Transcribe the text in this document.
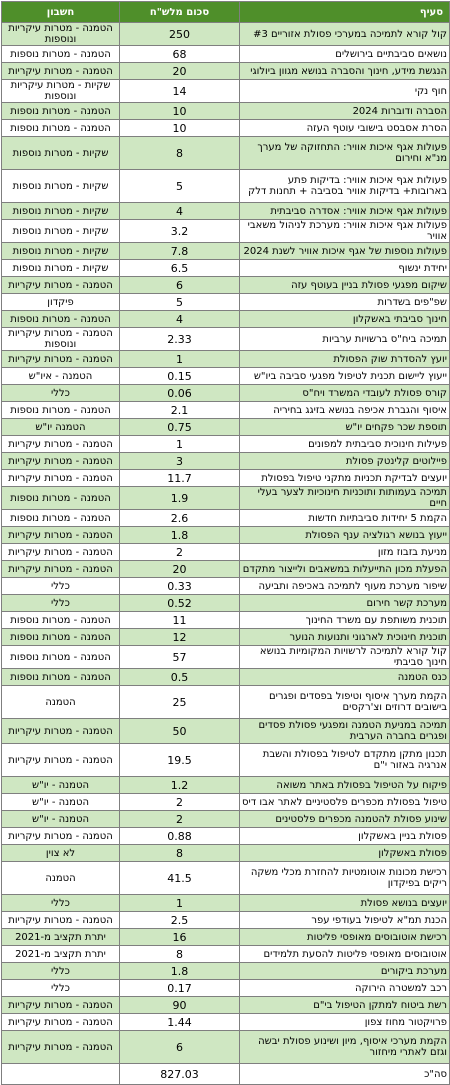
סעיף	סכום מלש"ח	חשבון
קול קורא לתמיכה במערכי פסולת אזוריים #3	250	הטמנה - מטרות עיקריות ונוספות
נושאים סביבתיים בירושלים	68	הטמנה - מטרות נוספות
הנגשת מידע, חינוך והסברה בנושא מגוון ביולוגי	20	הטמנה - מטרות עיקריות
חוף נקי	14	שקיות - מטרות עיקריות ונוספות
הסברה ודוברות 2024	10	הטמנה - מטרות נוספות
הסרת אסבסט בישובי עוטף העזה	10	הטמנה - מטרות נוספות
פעולות אגף איכות אוויר: התחזוקה של מערך מנ"א וחירום	8	שקיות - מטרות נוספות
פעולות אגף איכות אוויר: בדיקות פתע בארובות+ בדיקות אוויר בסביבה + תחנות דלק	5	שקיות - מטרות נוספות
פעולות אגף איכות אוויר: אסדרה סביבתית	4	שקיות - מטרות נוספות
פעולות אגף איכות אוויר: מערכת לניהול משאבי אוויר	3.2	שקיות - מטרות נוספות
פעולות נוספות של אגף איכות אוויר לשנת 2024	7.8	שקיות - מטרות נוספות
יחידת ינשוף	6.5	שקיות - מטרות נוספות
שיקום מפגעי פסולת בניין בעוטף עזה	6	הטמנה - מטרות עיקריות
שפ"פים בשדרות	5	פיקדון
חינוך סביבתי באשקלון	4	הטמנה - מטרות נוספות
תמיכה ביח"ס ברשויות ערביות	2.33	הטמנה - מטרות עיקריות ונוספות
יועץ להסדרת שוק הפסולת	1	הטמנה - מטרות עיקריות
ייעוץ ליישום תכנית לטיפול מפגעי סביבה ביו"ש	0.15	הטמנה - איו"ש
קורס פסולת לעובדי המשרד ויח"ס	0.06	כללי
איסוף והגברת אכיפה בנושא בזיגג בחיריה	2.1	הטמנה - מטרות נוספות
תוספת שכר פקחים יו"ש	0.75	הטמנה יו"ש
פעילות חינוכית סביבתית למפונים	1	הטמנה - מטרות עיקריות
פיילוטים קלינטק פסולת	3	הטמנה - מטרות עיקריות
יועצים לבדיקת תכניות מתקני טיפול בפסולת	11.7	הטמנה - מטרות עיקריות
תמיכה בעמותות ותוכניות חינוכיות לצער בעלי חיים	1.9	הטמנה - מטרות נוספות
הקמת 5 יחידות סביבתיות חדשות	2.6	הטמנה - מטרות נוספות
ייעוץ בנושא רגולציה ענף הפסולת	1.8	הטמנה - מטרות עיקריות
מניעת בזבוז מזון	2	הטמנה - מטרות עיקריות
הפעלת מכון התייעלות במשאבים ולייצור מתקדם	20	הטמנה - מטרות עיקריות
שיפור מערכת מעוף לתמיכה באכיפה ותביעה	0.33	כללי
מערכת קשר חירום	0.52	כללי
תוכנית משותפת עם משרד החינוך	11	הטמנה - מטרות נוספות
תוכנית חינוכית לארגוני ותנועות הנוער	12	הטמנה - מטרות נוספות
קול קורא לתמיכה לרשויות המקומיות בנושא חינוך סביבתי	57	הטמנה - מטרות נוספות
כנס הטמנה	0.5	הטמנה - מטרות נוספות
הקמת מערך איסוף וטיפול בפסדים ופגרים בישובים דרוזים וצ'רקסים	25	הטמנה
תמיכה במניעת הטמנה ומפגעי פסולת פסדים ופגרים בחברה הערבית	50	הטמנה - מטרות עיקריות
תכנון מתקן מתקדם לטיפול בפסולת והשבת אנרגיה באזור י"ם	19.5	הטמנה - מטרות עיקריות
פיקוח על הטיפול בפסולת באתר משואה	1.2	הטמנה - יו"ש
טיפול בפסולת מכפרים פלסטיניים לאתר אבו דיס	2	הטמנה - יו"ש
שינוע פסולת להטמנה מכפרים פלסטינים	2	הטמנה - יו"ש
פסולת בניין באשקלון	0.88	הטמנה - מטרות עיקריות
פסולת באשקלון	8	לא צוין
רכישת מכונות אוטומטיות להחזרת מכלי משקה ריקים בפיקדון	41.5	הטמנה
יועצים בנושא פסולת	1	כללי
הכנת תמ"א לטיפול בעודפי עפר	2.5	הטמנה - מטרות עיקריות
רכישת אוטובוסים מאופסי פליטות	16	יתרת תקציב מ-2021
אוטובוסים מאופסי פליטות להסעת תלמידים	8	יתרת תקציב מ-2021
מערכת ביקורים	1.8	כללי
רכב למשטרה הירוקה	0.17	כללי
רשת ביטוח למתקן הטיפול בי"ם	90	הטמנה - מטרות עיקריות
פרויקטור מחוז צפון	1.44	הטמנה - מטרות עיקריות
הקמת מערכי איסוף, מיון ושינוע פסולת יבשה וגזם לאתרי מיחזור	6	הטמנה - מטרות עיקריות
סה"כ	827.03	
